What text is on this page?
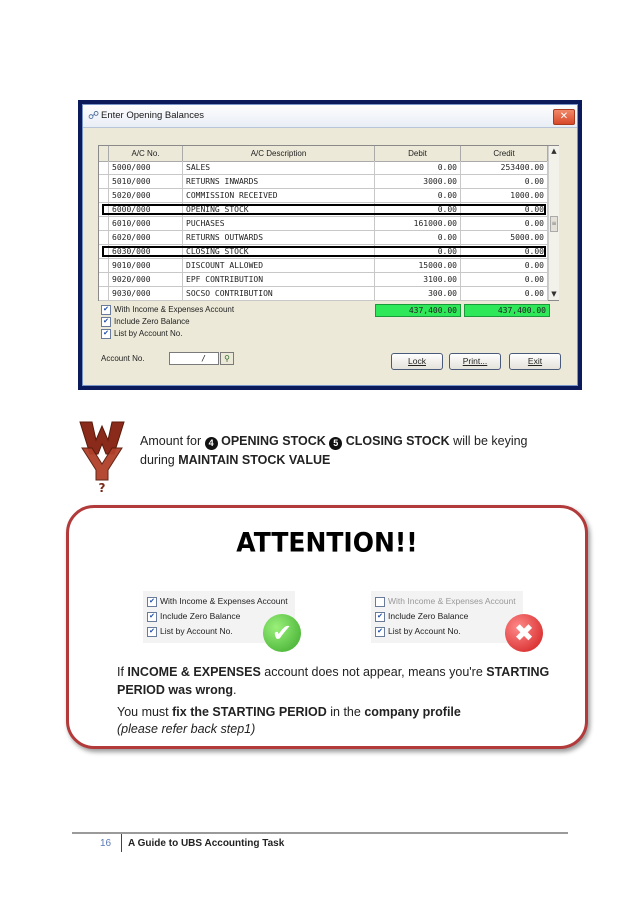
☍ Enter Opening Balances	✕
A/C No.	A/C Description	Debit	Credit
5000/000	SALES	0.00	253400.00
5010/000	RETURNS INWARDS	3000.00	0.00
5020/000	COMMISSION RECEIVED	0.00	1000.00
6000/000	OPENING STOCK	0.00	0.00
6010/000	PUCHASES	161000.00	0.00
6020/000	RETURNS OUTWARDS	0.00	5000.00
6030/000	CLOSING STOCK	0.00	0.00
9010/000	DISCOUNT ALLOWED	15000.00	0.00
9020/000	EPF CONTRIBUTION	3100.00	0.00
9030/000	SOCSO CONTRIBUTION	300.00	0.00
▲
≡
▼
✔ With Income & Expenses Account
✔ Include Zero Balance
✔ List by Account No.
437,400.00	437,400.00
Account No.	/	⚲	Lock	Print...	Exit
?
Amount for 4 OPENING STOCK 5 CLOSING STOCK will be keying
during MAINTAIN STOCK VALUE
ATTENTION!!
✔ With Income & Expenses Account
✔ Include Zero Balance
✔ List by Account No.	✔
With Income & Expenses Account
✔ Include Zero Balance
✔ List by Account No.	✖
If INCOME & EXPENSES account does not appear, means you're STARTING PERIOD was wrong.
You must fix the STARTING PERIOD in the company profile
(please refer back step1)
16 A Guide to UBS Accounting Task
